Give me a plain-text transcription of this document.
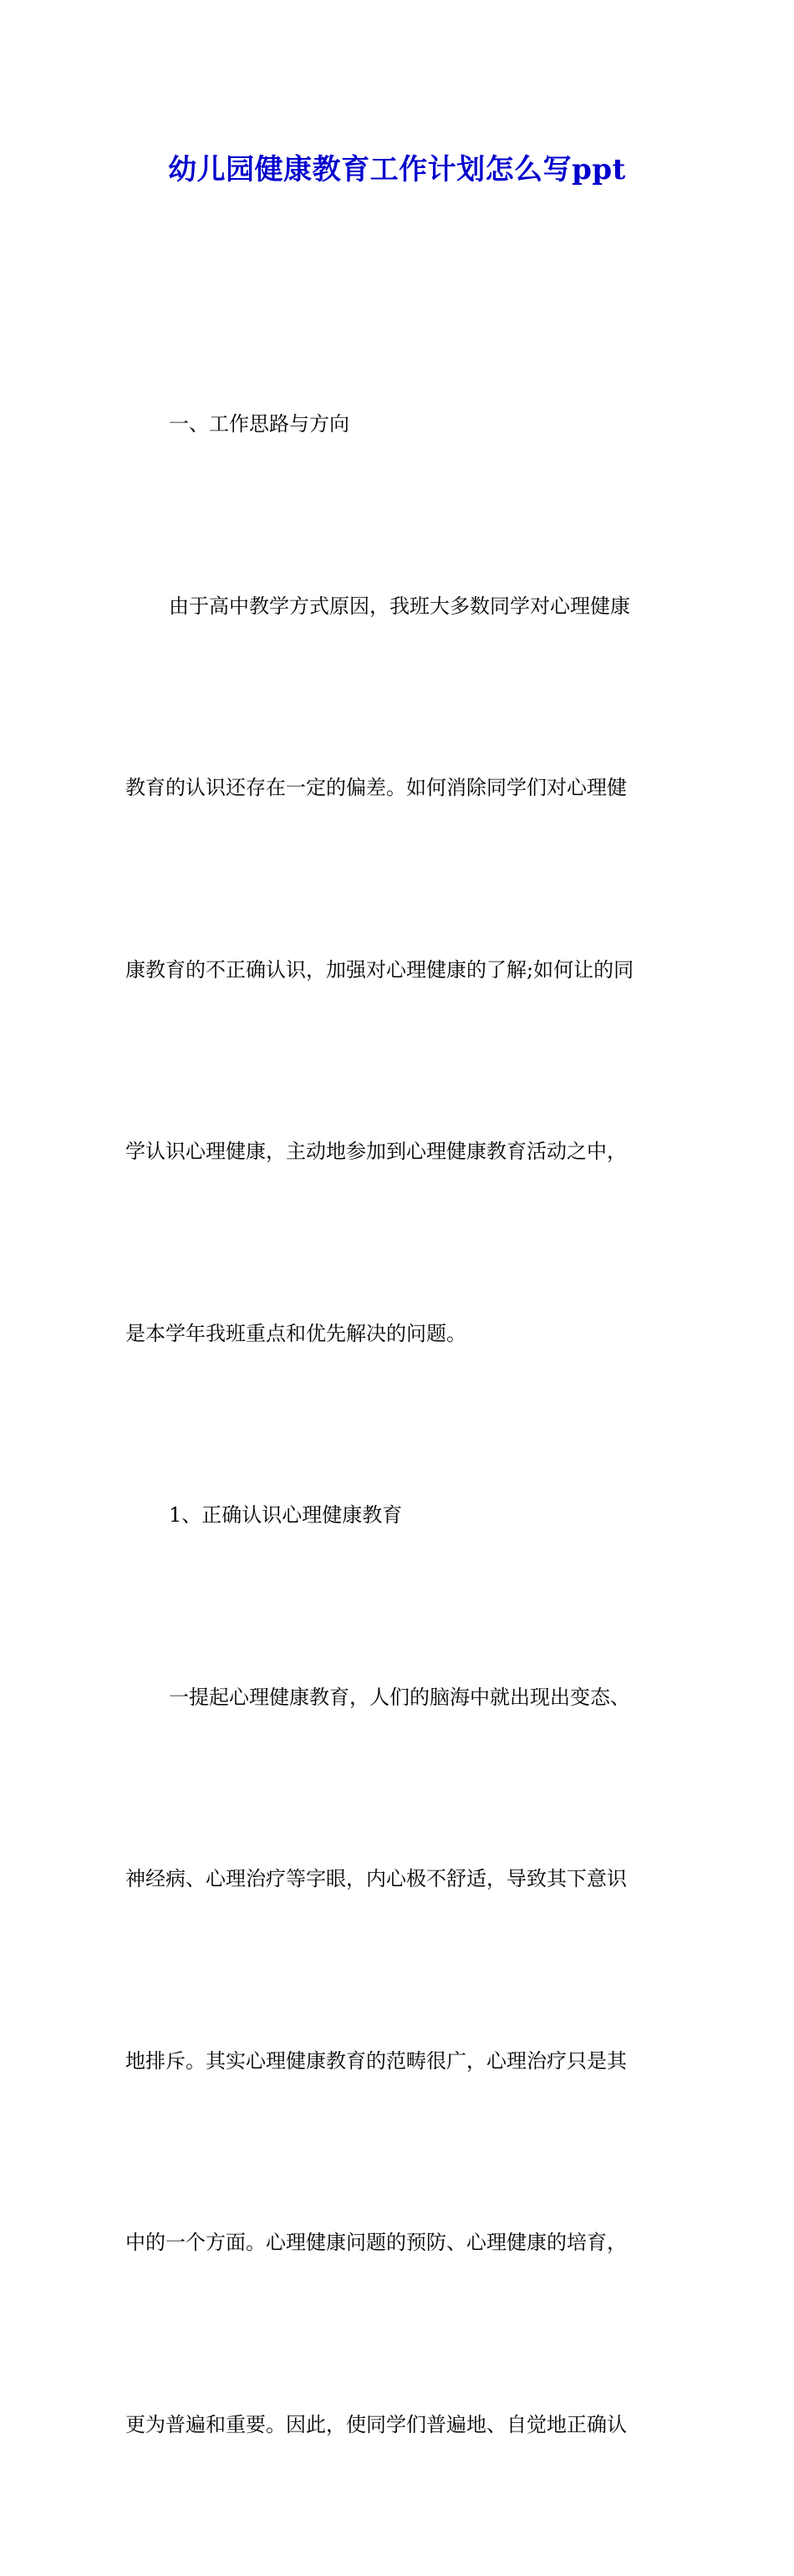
幼儿园健康教育工作计划怎么写ppt

一、工作思路与方向

由于高中教学方式原因，我班大多数同学对心理健康

教育的认识还存在一定的偏差。如何消除同学们对心理健

康教育的不正确认识，加强对心理健康的了解;如何让的同

学认识心理健康，主动地参加到心理健康教育活动之中，

是本学年我班重点和优先解决的问题。

1、正确认识心理健康教育

一提起心理健康教育，人们的脑海中就出现出变态、

神经病、心理治疗等字眼，内心极不舒适，导致其下意识

地排斥。其实心理健康教育的范畴很广，心理治疗只是其

中的一个方面。心理健康问题的预防、心理健康的培育，

更为普遍和重要。因此，使同学们普遍地、自觉地正确认
